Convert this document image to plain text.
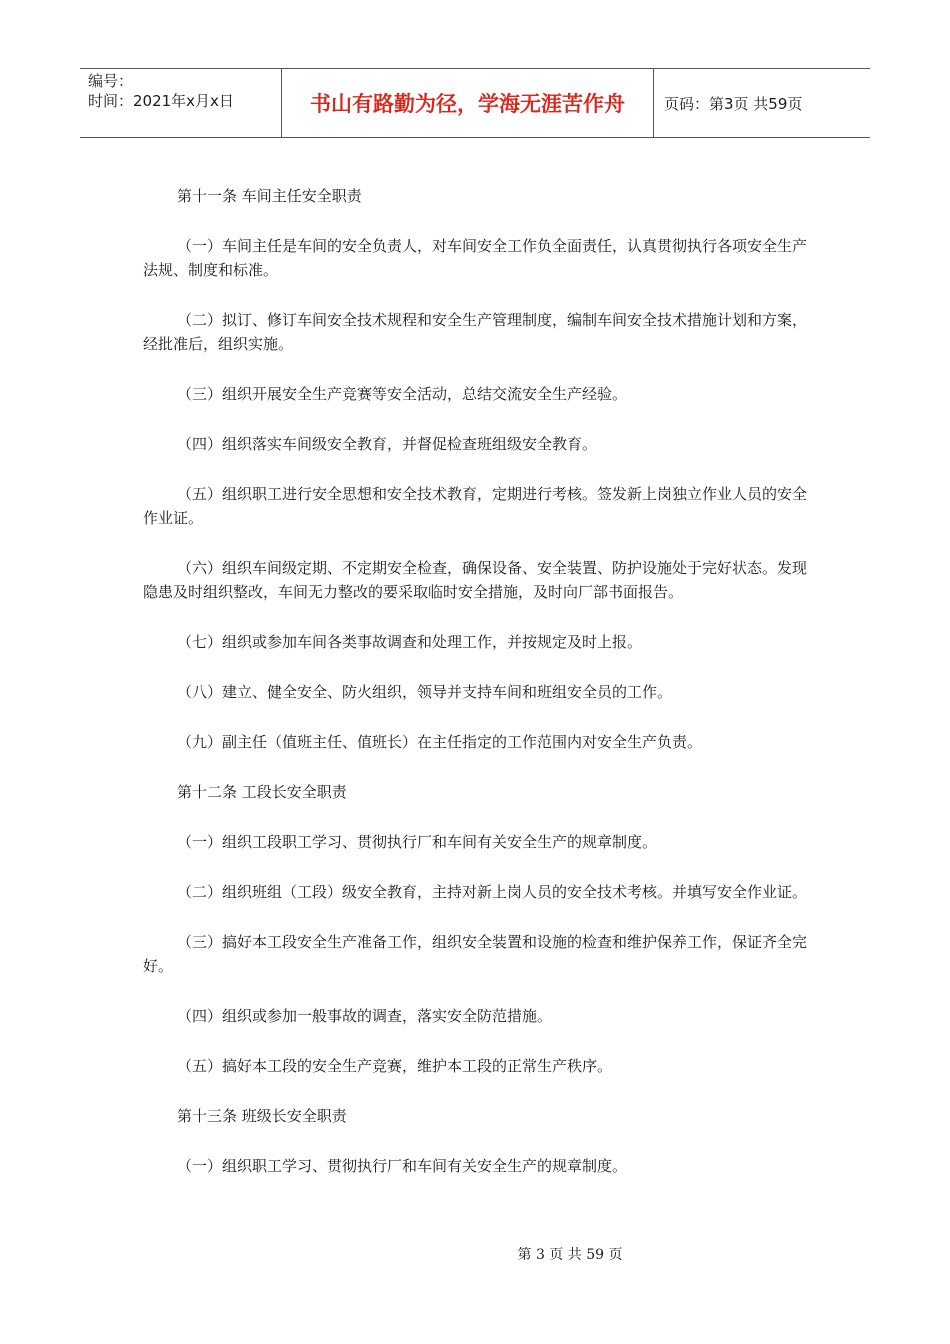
编号：
时间：2021年x月x日	书山有路勤为径，学海无涯苦作舟	页码：第3页 共59页

第十一条 车间主任安全职责

（一）车间主任是车间的安全负责人，对车间安全工作负全面责任，认真贯彻执行各项安全生产法规、制度和标准。

（二）拟订、修订车间安全技术规程和安全生产管理制度，编制车间安全技术措施计划和方案，经批准后，组织实施。

（三）组织开展安全生产竞赛等安全活动，总结交流安全生产经验。

（四）组织落实车间级安全教育，并督促检查班组级安全教育。

（五）组织职工进行安全思想和安全技术教育，定期进行考核。签发新上岗独立作业人员的安全作业证。

（六）组织车间级定期、不定期安全检查，确保设备、安全装置、防护设施处于完好状态。发现隐患及时组织整改，车间无力整改的要采取临时安全措施，及时向厂部书面报告。

（七）组织或参加车间各类事故调查和处理工作，并按规定及时上报。

（八）建立、健全安全、防火组织，领导并支持车间和班组安全员的工作。

（九）副主任（值班主任、值班长）在主任指定的工作范围内对安全生产负责。

第十二条 工段长安全职责

（一）组织工段职工学习、贯彻执行厂和车间有关安全生产的规章制度。

（二）组织班组（工段）级安全教育，主持对新上岗人员的安全技术考核。并填写安全作业证。

（三）搞好本工段安全生产准备工作，组织安全装置和设施的检查和维护保养工作，保证齐全完好。

（四）组织或参加一般事故的调查，落实安全防范措施。

（五）搞好本工段的安全生产竞赛，维护本工段的正常生产秩序。

第十三条 班级长安全职责

（一）组织职工学习、贯彻执行厂和车间有关安全生产的规章制度。

第 3 页 共 59 页
